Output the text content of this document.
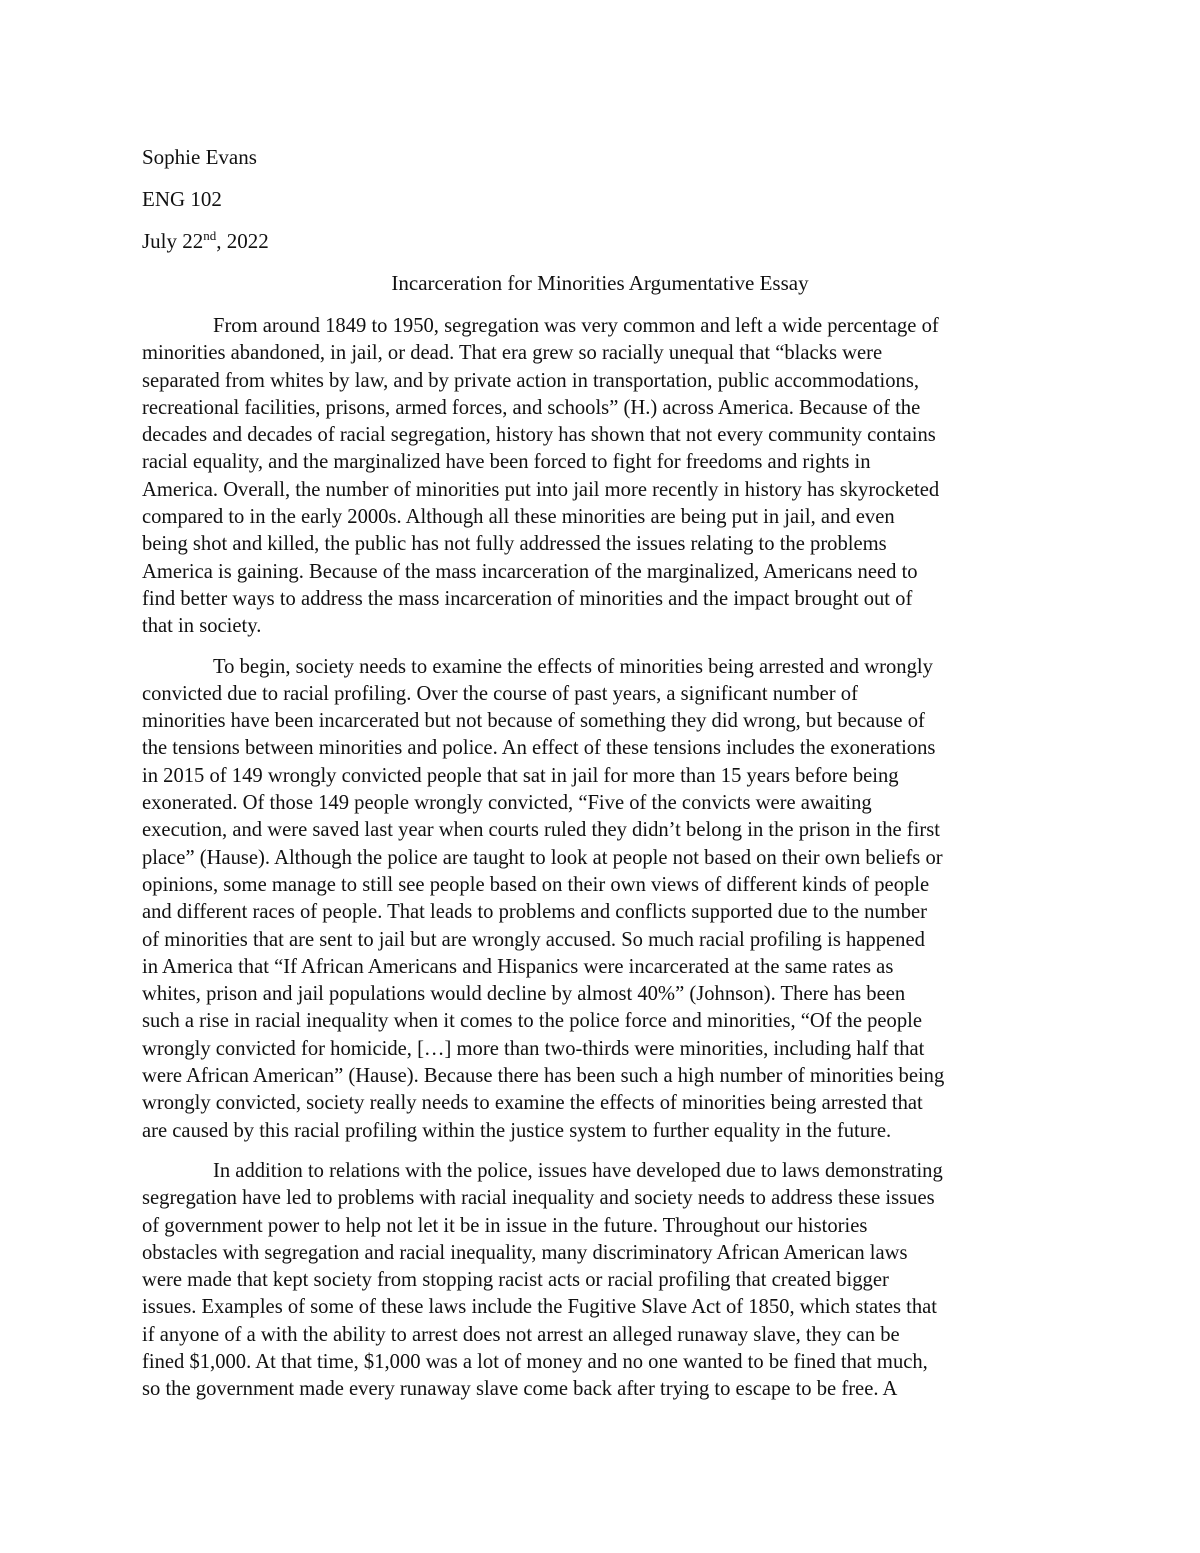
Sophie Evans
ENG 102
July 22nd, 2022
Incarceration for Minorities Argumentative Essay
From around 1849 to 1950, segregation was very common and left a wide percentage of
minorities abandoned, in jail, or dead. That era grew so racially unequal that “blacks were
separated from whites by law, and by private action in transportation, public accommodations,
recreational facilities, prisons, armed forces, and schools” (H.) across America. Because of the
decades and decades of racial segregation, history has shown that not every community contains
racial equality, and the marginalized have been forced to fight for freedoms and rights in
America. Overall, the number of minorities put into jail more recently in history has skyrocketed
compared to in the early 2000s. Although all these minorities are being put in jail, and even
being shot and killed, the public has not fully addressed the issues relating to the problems
America is gaining. Because of the mass incarceration of the marginalized, Americans need to
find better ways to address the mass incarceration of minorities and the impact brought out of
that in society.
To begin, society needs to examine the effects of minorities being arrested and wrongly
convicted due to racial profiling. Over the course of past years, a significant number of
minorities have been incarcerated but not because of something they did wrong, but because of
the tensions between minorities and police. An effect of these tensions includes the exonerations
in 2015 of 149 wrongly convicted people that sat in jail for more than 15 years before being
exonerated. Of those 149 people wrongly convicted, “Five of the convicts were awaiting
execution, and were saved last year when courts ruled they didn’t belong in the prison in the first
place” (Hause). Although the police are taught to look at people not based on their own beliefs or
opinions, some manage to still see people based on their own views of different kinds of people
and different races of people. That leads to problems and conflicts supported due to the number
of minorities that are sent to jail but are wrongly accused. So much racial profiling is happened
in America that “If African Americans and Hispanics were incarcerated at the same rates as
whites, prison and jail populations would decline by almost 40%” (Johnson). There has been
such a rise in racial inequality when it comes to the police force and minorities, “Of the people
wrongly convicted for homicide, […] more than two-thirds were minorities, including half that
were African American” (Hause). Because there has been such a high number of minorities being
wrongly convicted, society really needs to examine the effects of minorities being arrested that
are caused by this racial profiling within the justice system to further equality in the future.
In addition to relations with the police, issues have developed due to laws demonstrating
segregation have led to problems with racial inequality and society needs to address these issues
of government power to help not let it be in issue in the future. Throughout our histories
obstacles with segregation and racial inequality, many discriminatory African American laws
were made that kept society from stopping racist acts or racial profiling that created bigger
issues. Examples of some of these laws include the Fugitive Slave Act of 1850, which states that
if anyone of a with the ability to arrest does not arrest an alleged runaway slave, they can be
fined $1,000. At that time, $1,000 was a lot of money and no one wanted to be fined that much,
so the government made every runaway slave come back after trying to escape to be free. A
